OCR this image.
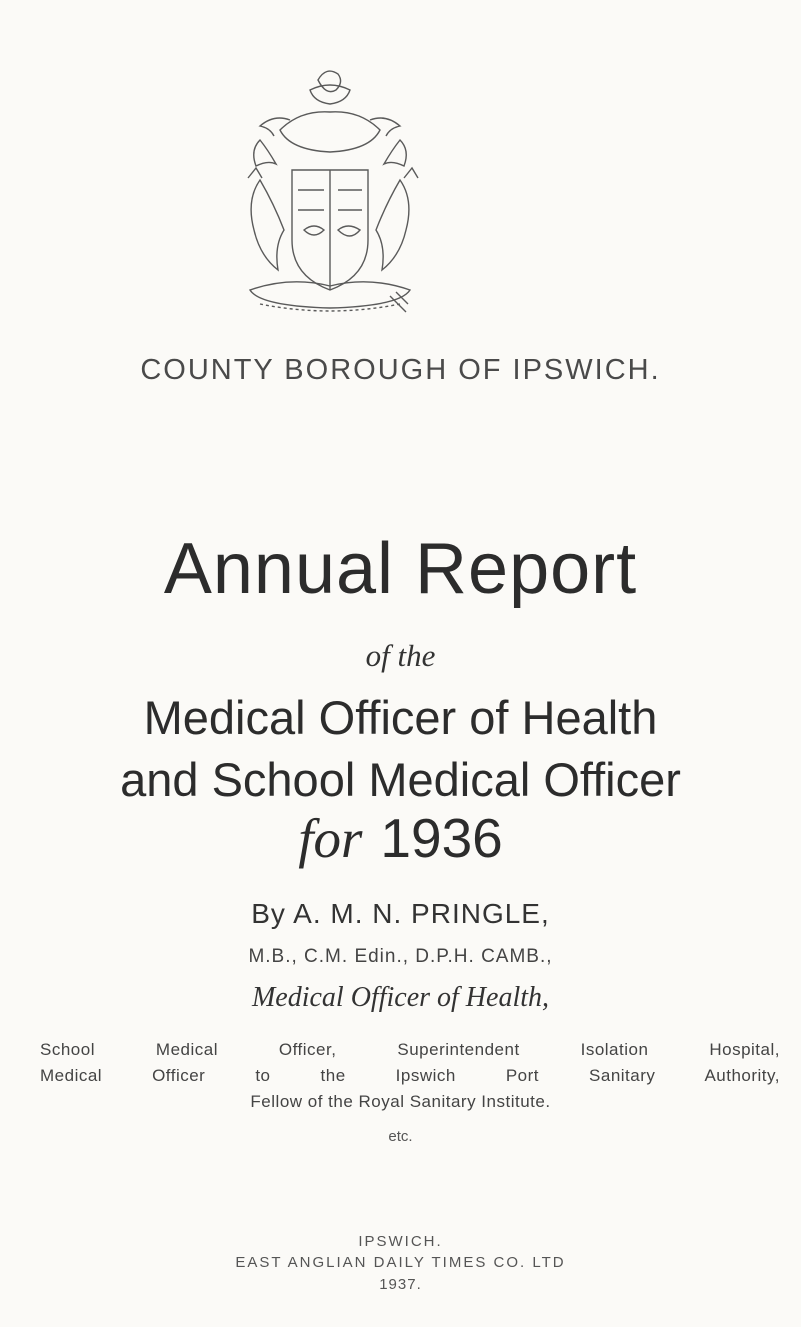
COUNTY BOROUGH OF IPSWICH.
Annual Report
of the
Medical Officer of Health
and School Medical Officer
for 1936
By A. M. N. PRINGLE,
M.B., C.M. Edin., D.P.H. CAMB.,
Medical Officer of Health,
School Medical Officer, Superintendent Isolation Hospital,
Medical Officer to the Ipswich Port Sanitary Authority,
Fellow of the Royal Sanitary Institute.
etc.
IPSWICH.
EAST ANGLIAN DAILY TIMES CO. LTD
1937.
